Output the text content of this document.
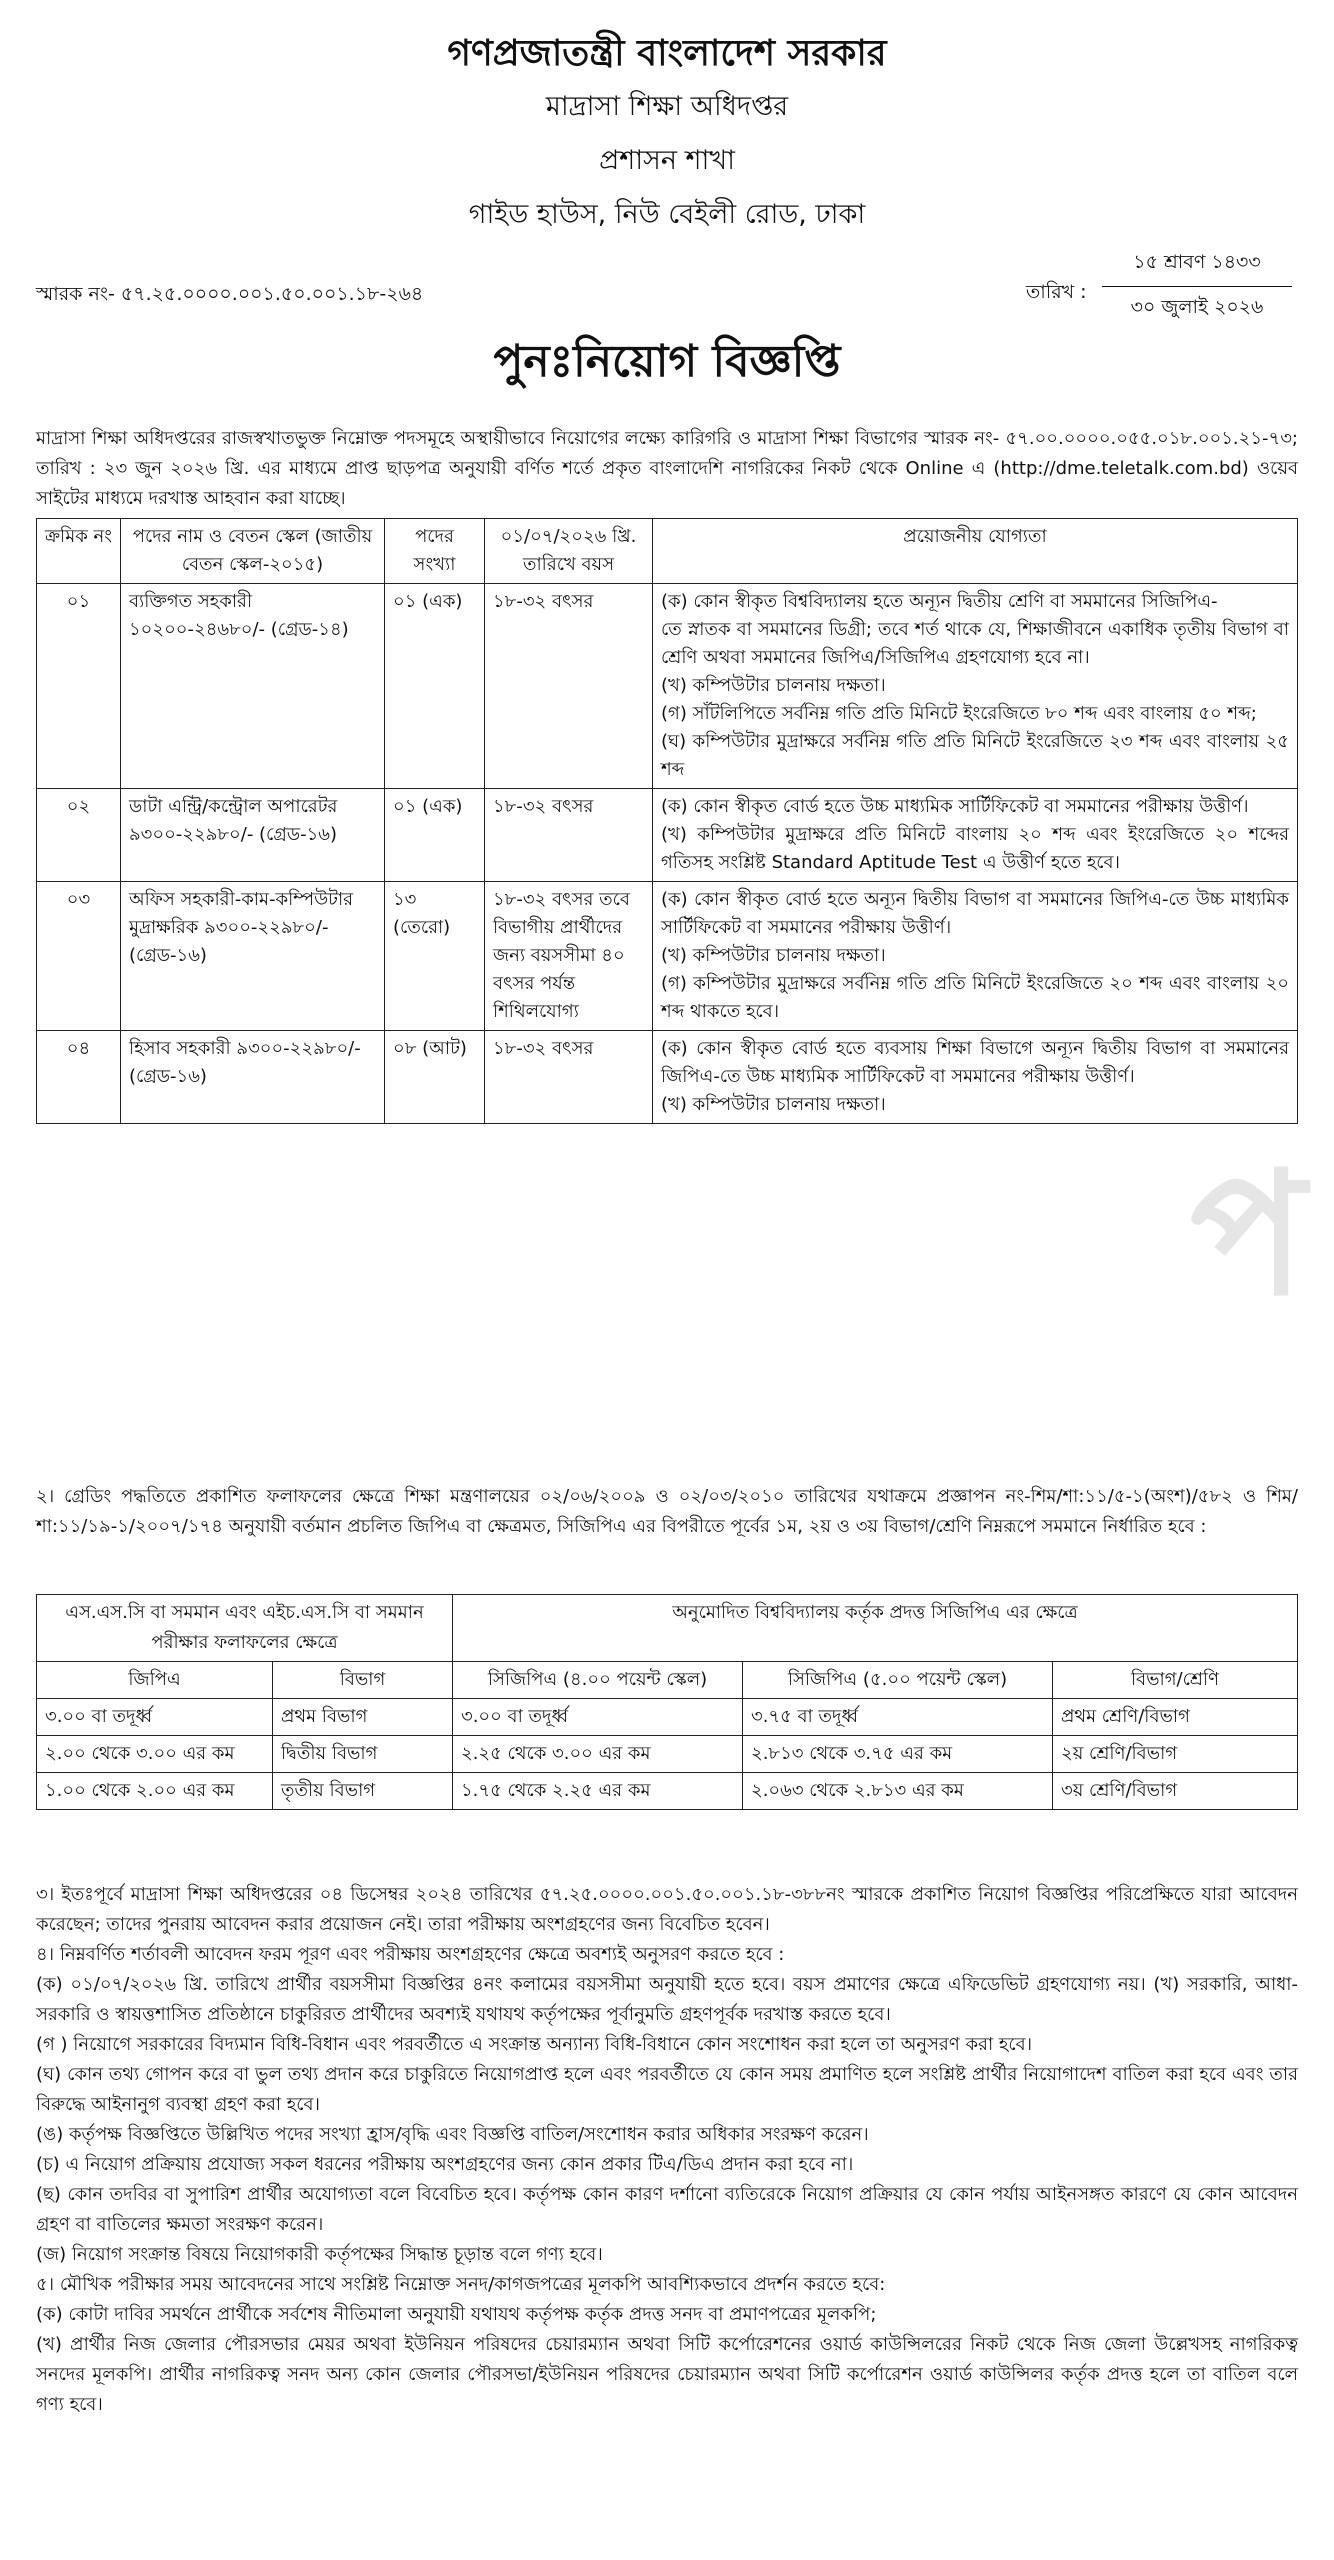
গণপ্রজাতন্ত্রী বাংলাদেশ সরকার
মাদ্রাসা শিক্ষা অধিদপ্তর
প্রশাসন শাখা
গাইড হাউস, নিউ বেইলী রোড, ঢাকা
স্মারক নং- ৫৭.২৫.০০০০.০০১.৫০.০০১.১৮-২৬৪	তারিখ :
১৫ শ্রাবণ ১৪৩৩
৩০ জুলাই ২০২৬
পুনঃনিয়োগ বিজ্ঞপ্তি
মাদ্রাসা শিক্ষা অধিদপ্তরের রাজস্বখাতভুক্ত নিম্নোক্ত পদসমূহে অস্থায়ীভাবে নিয়োগের লক্ষ্যে কারিগরি ও মাদ্রাসা শিক্ষা বিভাগের স্মারক নং- ৫৭.০০.০০০০.০৫৫.০১৮.০০১.২১-৭৩; তারিখ : ২৩ জুন ২০২৬ খ্রি. এর মাধ্যমে প্রাপ্ত ছাড়পত্র অনুযায়ী বর্ণিত শর্তে প্রকৃত বাংলাদেশি নাগরিকের নিকট থেকে Online এ (http://dme.teletalk.com.bd) ওয়েব সাইটের মাধ্যমে দরখাস্ত আহবান করা যাচ্ছে।
ক্রমিক নং	পদের নাম ও বেতন স্কেল (জাতীয় বেতন স্কেল-২০১৫)	পদের সংখ্যা	০১/০৭/২০২৬ খ্রি. তারিখে বয়স	প্রয়োজনীয় যোগ্যতা
০১	ব্যক্তিগত সহকারী ১০২০০-২৪৬৮০/- (গ্রেড-১৪)	০১ (এক)	১৮-৩২ বৎসর	(ক) কোন স্বীকৃত বিশ্ববিদ্যালয় হতে অন্যূন দ্বিতীয় শ্রেণি বা সমমানের সিজিপিএ-
তে স্নাতক বা সমমানের ডিগ্রী; তবে শর্ত থাকে যে, শিক্ষাজীবনে একাধিক তৃতীয় বিভাগ বা শ্রেণি অথবা সমমানের জিপিএ/সিজিপিএ গ্রহণযোগ্য হবে না।
(খ) কম্পিউটার চালনায় দক্ষতা।
(গ) সাঁটলিপিতে সর্বনিম্ন গতি প্রতি মিনিটে ইংরেজিতে ৮০ শব্দ এবং বাংলায় ৫০ শব্দ;
(ঘ) কম্পিউটার মুদ্রাক্ষরে সর্বনিম্ন গতি প্রতি মিনিটে ইংরেজিতে ২৩ শব্দ এবং বাংলায় ২৫ শব্দ

০২	ডাটা এন্ট্রি/কন্ট্রোল অপারেটর ৯৩০০-২২৯৮০/- (গ্রেড-১৬)	০১ (এক)	১৮-৩২ বৎসর	(ক) কোন স্বীকৃত বোর্ড হতে উচ্চ মাধ্যমিক সার্টিফিকেট বা সমমানের পরীক্ষায় উত্তীর্ণ।
(খ) কম্পিউটার মুদ্রাক্ষরে প্রতি মিনিটে বাংলায় ২০ শব্দ এবং ইংরেজিতে ২০ শব্দের গতিসহ সংশ্লিষ্ট Standard Aptitude Test এ উত্তীর্ণ হতে হবে।

০৩	অফিস সহকারী-কাম-কম্পিউটার মুদ্রাক্ষরিক ৯৩০০-২২৯৮০/- (গ্রেড-১৬)	১৩ (তেরো)	১৮-৩২ বৎসর তবে বিভাগীয় প্রার্থীদের জন্য বয়সসীমা ৪০ বৎসর পর্যন্ত শিথিলযোগ্য	(ক) কোন স্বীকৃত বোর্ড হতে অন্যূন দ্বিতীয় বিভাগ বা সমমানের জিপিএ-তে উচ্চ মাধ্যমিক সার্টিফিকেট বা সমমানের পরীক্ষায় উত্তীর্ণ।
(খ) কম্পিউটার চালনায় দক্ষতা।
(গ) কম্পিউটার মুদ্রাক্ষরে সর্বনিম্ন গতি প্রতি মিনিটে ইংরেজিতে ২০ শব্দ এবং বাংলায় ২০ শব্দ থাকতে হবে।

০৪	হিসাব সহকারী ৯৩০০-২২৯৮০/- (গ্রেড-১৬)	০৮ (আট)	১৮-৩২ বৎসর	(ক) কোন স্বীকৃত বোর্ড হতে ব্যবসায় শিক্ষা বিভাগে অন্যূন দ্বিতীয় বিভাগ বা সমমানের জিপিএ-তে উচ্চ মাধ্যমিক সার্টিফিকেট বা সমমানের পরীক্ষায় উত্তীর্ণ।
(খ) কম্পিউটার চালনায় দক্ষতা।
২। গ্রেডিং পদ্ধতিতে প্রকাশিত ফলাফলের ক্ষেত্রে শিক্ষা মন্ত্রণালয়ের ০২/০৬/২০০৯ ও ০২/০৩/২০১০ তারিখের যথাক্রমে প্রজ্ঞাপন নং-শিম/শা:১১/৫-১(অংশ)/৫৮২ ও শিম/শা:১১/১৯-১/২০০৭/১৭৪ অনুযায়ী বর্তমান প্রচলিত জিপিএ বা ক্ষেত্রমত, সিজিপিএ এর বিপরীতে পূর্বের ১ম, ২য় ও ৩য় বিভাগ/শ্রেণি নিম্নরূপে সমমানে নির্ধারিত হবে :
এস.এস.সি বা সমমান এবং এইচ.এস.সি বা সমমান পরীক্ষার ফলাফলের ক্ষেত্রে		অনুমোদিত বিশ্ববিদ্যালয় কর্তৃক প্রদত্ত সিজিপিএ এর ক্ষেত্রে		
জিপিএ	বিভাগ	সিজিপিএ (৪.০০ পয়েন্ট স্কেল)	সিজিপিএ (৫.০০ পয়েন্ট স্কেল)	বিভাগ/শ্রেণি
৩.০০ বা তদূর্ধ্ব	প্রথম বিভাগ	৩.০০ বা তদূর্ধ্ব	৩.৭৫ বা তদূর্ধ্ব	প্রথম শ্রেণি/বিভাগ
২.০০ থেকে ৩.০০ এর কম	দ্বিতীয় বিভাগ	২.২৫ থেকে ৩.০০ এর কম	২.৮১৩ থেকে ৩.৭৫ এর কম	২য় শ্রেণি/বিভাগ
১.০০ থেকে ২.০০ এর কম	তৃতীয় বিভাগ	১.৭৫ থেকে ২.২৫ এর কম	২.০৬৩ থেকে ২.৮১৩ এর কম	৩য় শ্রেণি/বিভাগ
৩। ইতঃপূর্বে মাদ্রাসা শিক্ষা অধিদপ্তরের ০৪ ডিসেম্বর ২০২৪ তারিখের ৫৭.২৫.০০০০.০০১.৫০.০০১.১৮-৩৮৮নং স্মারকে প্রকাশিত নিয়োগ বিজ্ঞপ্তির পরিপ্রেক্ষিতে যারা আবেদন করেছেন; তাদের পুনরায় আবেদন করার প্রয়োজন নেই। তারা পরীক্ষায় অংশগ্রহণের জন্য বিবেচিত হবেন।
৪। নিম্নবর্ণিত শর্তাবলী আবেদন ফরম পূরণ এবং পরীক্ষায় অংশগ্রহণের ক্ষেত্রে অবশ্যই অনুসরণ করতে হবে :
(ক) ০১/০৭/২০২৬ খ্রি. তারিখে প্রার্থীর বয়সসীমা বিজ্ঞপ্তির ৪নং কলামের বয়সসীমা অনুযায়ী হতে হবে। বয়স প্রমাণের ক্ষেত্রে এফিডেভিট গ্রহণযোগ্য নয়। (খ) সরকারি, আধা-সরকারি ও স্বায়ত্তশাসিত প্রতিষ্ঠানে চাকুরিরত প্রার্থীদের অবশ্যই যথাযথ কর্তৃপক্ষের পূর্বানুমতি গ্রহণপূর্বক দরখাস্ত করতে হবে।
(গ ) নিয়োগে সরকারের বিদ্যমান বিধি-বিধান এবং পরবর্তীতে এ সংক্রান্ত অন্যান্য বিধি-বিধানে কোন সংশোধন করা হলে তা অনুসরণ করা হবে।
(ঘ) কোন তথ্য গোপন করে বা ভুল তথ্য প্রদান করে চাকুরিতে নিয়োগপ্রাপ্ত হলে এবং পরবর্তীতে যে কোন সময় প্রমাণিত হলে সংশ্লিষ্ট প্রার্থীর নিয়োগাদেশ বাতিল করা হবে এবং তার বিরুদ্ধে আইনানুগ ব্যবস্থা গ্রহণ করা হবে।
(ঙ) কর্তৃপক্ষ বিজ্ঞপ্তিতে উল্লিখিত পদের সংখ্যা হ্রাস/বৃদ্ধি এবং বিজ্ঞপ্তি বাতিল/সংশোধন করার অধিকার সংরক্ষণ করেন।
(চ) এ নিয়োগ প্রক্রিয়ায় প্রযোজ্য সকল ধরনের পরীক্ষায় অংশগ্রহণের জন্য কোন প্রকার টিএ/ডিএ প্রদান করা হবে না।
(ছ) কোন তদবির বা সুপারিশ প্রার্থীর অযোগ্যতা বলে বিবেচিত হবে। কর্তৃপক্ষ কোন কারণ দর্শানো ব্যতিরেকে নিয়োগ প্রক্রিয়ার যে কোন পর্যায় আইনসঙ্গত কারণে যে কোন আবেদন গ্রহণ বা বাতিলের ক্ষমতা সংরক্ষণ করেন।
(জ) নিয়োগ সংক্রান্ত বিষয়ে নিয়োগকারী কর্তৃপক্ষের সিদ্ধান্ত চূড়ান্ত বলে গণ্য হবে।
৫। মৌখিক পরীক্ষার সময় আবেদনের সাথে সংশ্লিষ্ট নিম্নোক্ত সনদ/কাগজপত্রের মূলকপি আবশ্যিকভাবে প্রদর্শন করতে হবে:
(ক) কোটা দাবির সমর্থনে প্রার্থীকে সর্বশেষ নীতিমালা অনুযায়ী যথাযথ কর্তৃপক্ষ কর্তৃক প্রদত্ত সনদ বা প্রমাণপত্রের মূলকপি;
(খ) প্রার্থীর নিজ জেলার পৌরসভার মেয়র অথবা ইউনিয়ন পরিষদের চেয়ারম্যান অথবা সিটি কর্পোরেশনের ওয়ার্ড কাউন্সিলরের নিকট থেকে নিজ জেলা উল্লেখসহ নাগরিকত্ব সনদের মূলকপি। প্রার্থীর নাগরিকত্ব সনদ অন্য কোন জেলার পৌরসভা/ইউনিয়ন পরিষদের চেয়ারম্যান অথবা সিটি কর্পোরেশন ওয়ার্ড কাউন্সিলর কর্তৃক প্রদত্ত হলে তা বাতিল বলে গণ্য হবে।
প
